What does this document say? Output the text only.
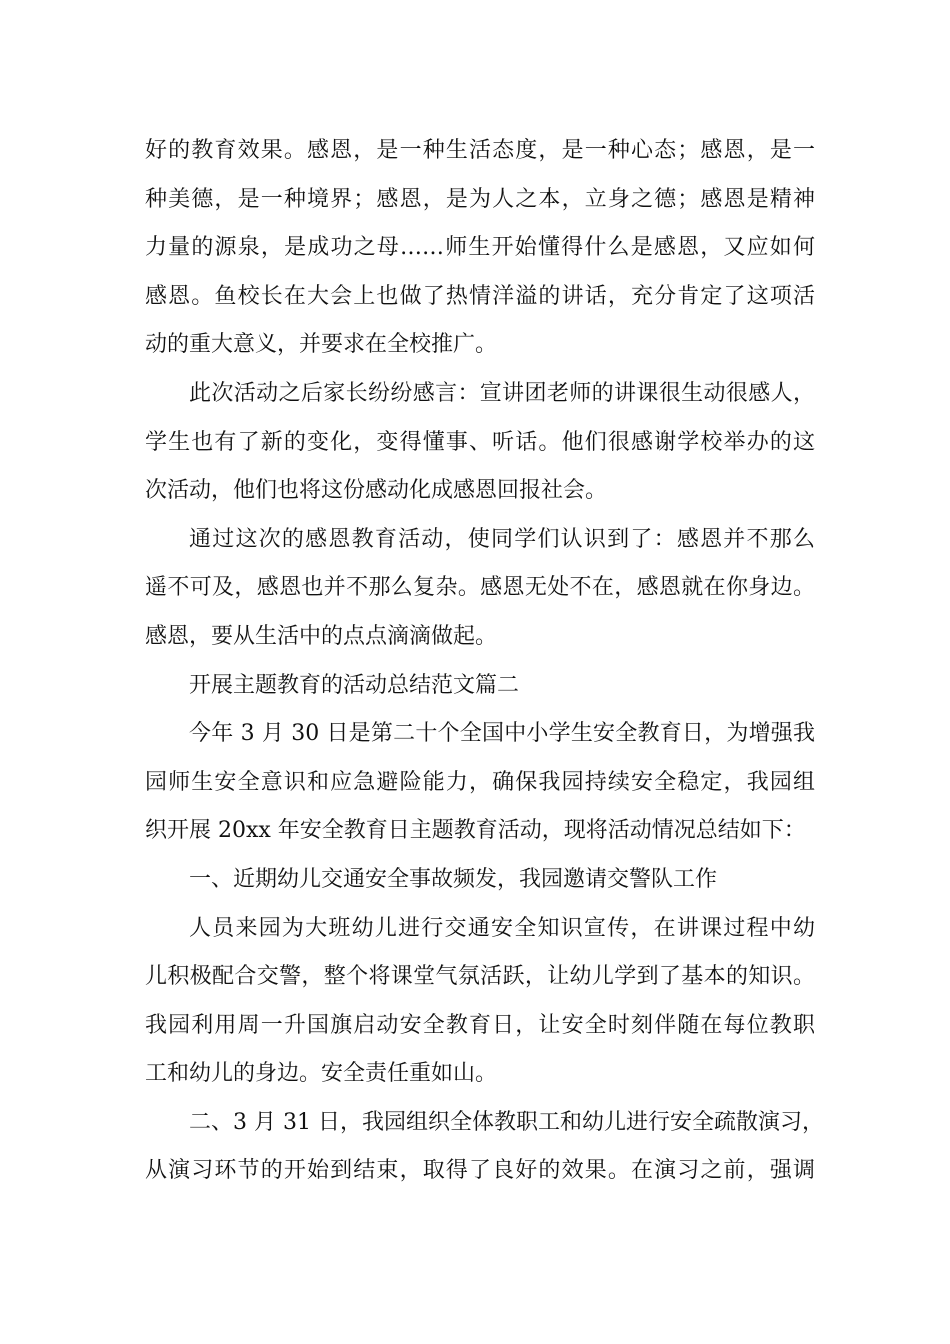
好的教育效果。感恩，是一种生活态度，是一种心态；感恩，是一
种美德，是一种境界；感恩，是为人之本，立身之德；感恩是精神
力量的源泉，是成功之母……师生开始懂得什么是感恩，又应如何
感恩。鱼校长在大会上也做了热情洋溢的讲话，充分肯定了这项活
动的重大意义，并要求在全校推广。
此次活动之后家长纷纷感言：宣讲团老师的讲课很生动很感人，
学生也有了新的变化，变得懂事、听话。他们很感谢学校举办的这
次活动，他们也将这份感动化成感恩回报社会。
通过这次的感恩教育活动，使同学们认识到了：感恩并不那么
遥不可及，感恩也并不那么复杂。感恩无处不在，感恩就在你身边。
感恩，要从生活中的点点滴滴做起。
开展主题教育的活动总结范文篇二
今年 3 月 30 日是第二十个全国中小学生安全教育日，为增强我
园师生安全意识和应急避险能力，确保我园持续安全稳定，我园组
织开展 20xx 年安全教育日主题教育活动，现将活动情况总结如下：
一、近期幼儿交通安全事故频发，我园邀请交警队工作
人员来园为大班幼儿进行交通安全知识宣传，在讲课过程中幼
儿积极配合交警，整个将课堂气氛活跃，让幼儿学到了基本的知识。
我园利用周一升国旗启动安全教育日，让安全时刻伴随在每位教职
工和幼儿的身边。安全责任重如山。
二、3 月 31 日，我园组织全体教职工和幼儿进行安全疏散演习，
从演习环节的开始到结束，取得了良好的效果。在演习之前，强调
